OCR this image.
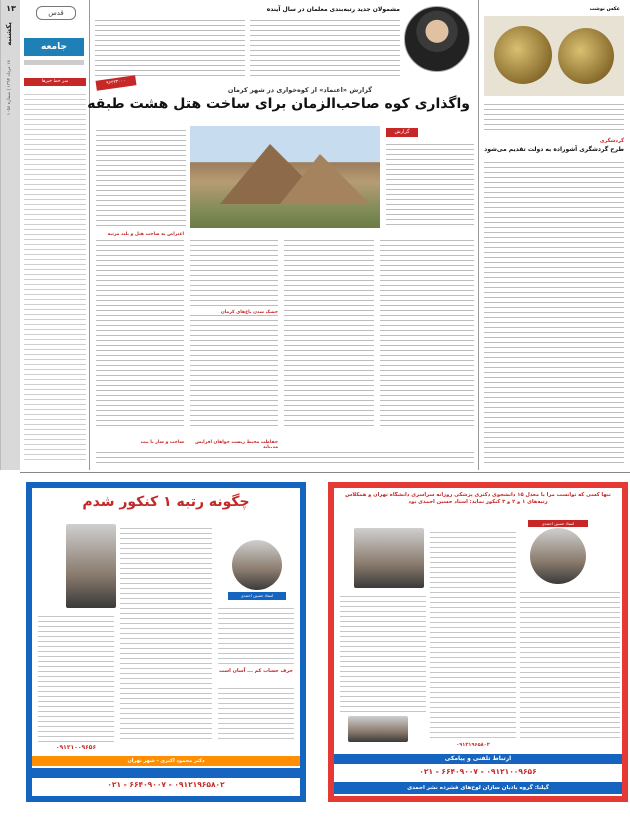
۱۳
یکشنبه
۱۸ مرداد ۱۳۹۴ | شماره ۱۰۵۸
قدس
جامعه
سر خط خبرها
مشمولان جدید رتبه‌بندی معلمان در سال آینده
۹۶۲۳۳۰۰۰
گزارش «اعتماد» از کوه‌خواری در شهر کرمان
واگذاری کوه صاحب‌الزمان برای ساخت هتل هشت طبقه
گزارش
اعتراض به ساخت هتل و بلند مرتبه
خشک شدن باغ‌های کرمان
حفاظت محیط زیست خواهان افزایش
ساخت و ساز با بیت
عکس نوشت
گردشگری
طرح گردشگری آشوراده به دولت تقدیم می‌شود
چگونه رتبه ۱ کنکور شدم
استاد حسین احمدی
حرف حساب کم ... آسان است
۰۹۱۲۱۰۰۹۶۵۶
دکتر محمود اکبری - شهر تهران
۰۹۱۲۱۹۶۵۸۰۲ - ۶۶۴۰۹۰۰۷ - ۰۲۱
تنها کسی که توانست مرا با معدل ۱۵ دانشجوی دکتری پزشکی روزانه سراسری دانشگاه تهران و همکلاس رتبه‌های ۱ و ۲ و ۳ کنکور نماید: استاد حسین احمدی بود
استاد حسین احمدی
۰۹۱۲۱۹۶۵۸۰۲
ارتباط تلفنی و پیامکی
۰۹۱۲۱۰۰۹۶۵۶ - ۶۶۴۰۹۰۰۷ - ۰۲۱
گیلنا: گروه بادبان سازان لوح‌های فشرده نشر احمدی
